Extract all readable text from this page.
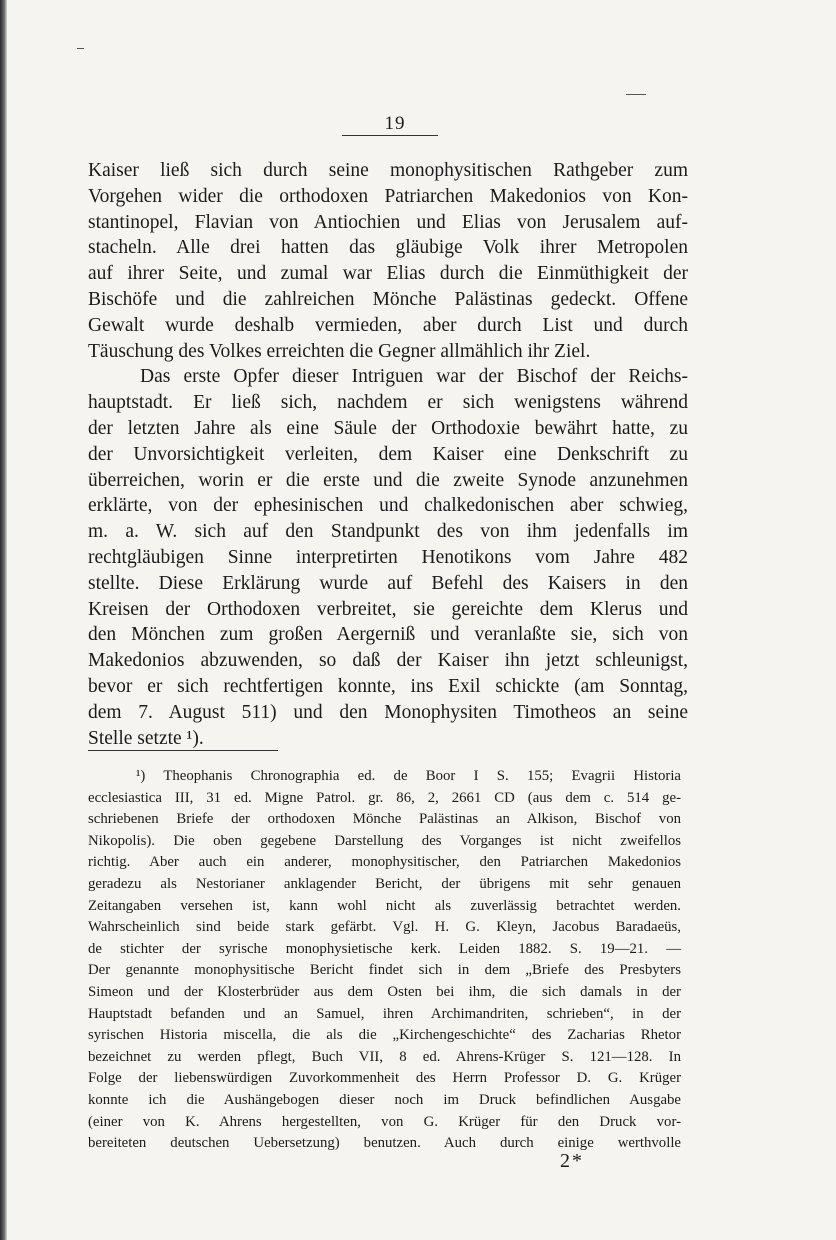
19
Kaiser ließ sich durch seine monophysitischen Rathgeber zum
Vorgehen wider die orthodoxen Patriarchen Makedonios von Kon-
stantinopel, Flavian von Antiochien und Elias von Jerusalem auf-
stacheln. Alle drei hatten das gläubige Volk ihrer Metropolen
auf ihrer Seite, und zumal war Elias durch die Einmüthigkeit der
Bischöfe und die zahlreichen Mönche Palästinas gedeckt. Offene
Gewalt wurde deshalb vermieden, aber durch List und durch
Täuschung des Volkes erreichten die Gegner allmählich ihr Ziel.
Das erste Opfer dieser Intriguen war der Bischof der Reichs-
hauptstadt. Er ließ sich, nachdem er sich wenigstens während
der letzten Jahre als eine Säule der Orthodoxie bewährt hatte, zu
der Unvorsichtigkeit verleiten, dem Kaiser eine Denkschrift zu
überreichen, worin er die erste und die zweite Synode anzunehmen
erklärte, von der ephesinischen und chalkedonischen aber schwieg,
m. a. W. sich auf den Standpunkt des von ihm jedenfalls im
rechtgläubigen Sinne interpretirten Henotikons vom Jahre 482
stellte. Diese Erklärung wurde auf Befehl des Kaisers in den
Kreisen der Orthodoxen verbreitet, sie gereichte dem Klerus und
den Mönchen zum großen Aergerniß und veranlaßte sie, sich von
Makedonios abzuwenden, so daß der Kaiser ihn jetzt schleunigst,
bevor er sich rechtfertigen konnte, ins Exil schickte (am Sonntag,
dem 7. August 511) und den Monophysiten Timotheos an seine
Stelle setzte ¹).
¹) Theophanis Chronographia ed. de Boor I S. 155; Evagrii Historia
ecclesiastica III, 31 ed. Migne Patrol. gr. 86, 2, 2661 CD (aus dem c. 514 ge-
schriebenen Briefe der orthodoxen Mönche Palästinas an Alkison, Bischof von
Nikopolis). Die oben gegebene Darstellung des Vorganges ist nicht zweifellos
richtig. Aber auch ein anderer, monophysitischer, den Patriarchen Makedonios
geradezu als Nestorianer anklagender Bericht, der übrigens mit sehr genauen
Zeitangaben versehen ist, kann wohl nicht als zuverlässig betrachtet werden.
Wahrscheinlich sind beide stark gefärbt. Vgl. H. G. Kleyn, Jacobus Baradaeüs,
de stichter der syrische monophysietische kerk. Leiden 1882. S. 19—21. —
Der genannte monophysitische Bericht findet sich in dem „Briefe des Presbyters
Simeon und der Klosterbrüder aus dem Osten bei ihm, die sich damals in der
Hauptstadt befanden und an Samuel, ihren Archimandriten, schrieben“, in der
syrischen Historia miscella, die als die „Kirchengeschichte“ des Zacharias Rhetor
bezeichnet zu werden pflegt, Buch VII, 8 ed. Ahrens-Krüger S. 121—128. In
Folge der liebenswürdigen Zuvorkommenheit des Herrn Professor D. G. Krüger
konnte ich die Aushängebogen dieser noch im Druck befindlichen Ausgabe
(einer von K. Ahrens hergestellten, von G. Krüger für den Druck vor-
bereiteten deutschen Uebersetzung) benutzen. Auch durch einige werthvolle
2*
